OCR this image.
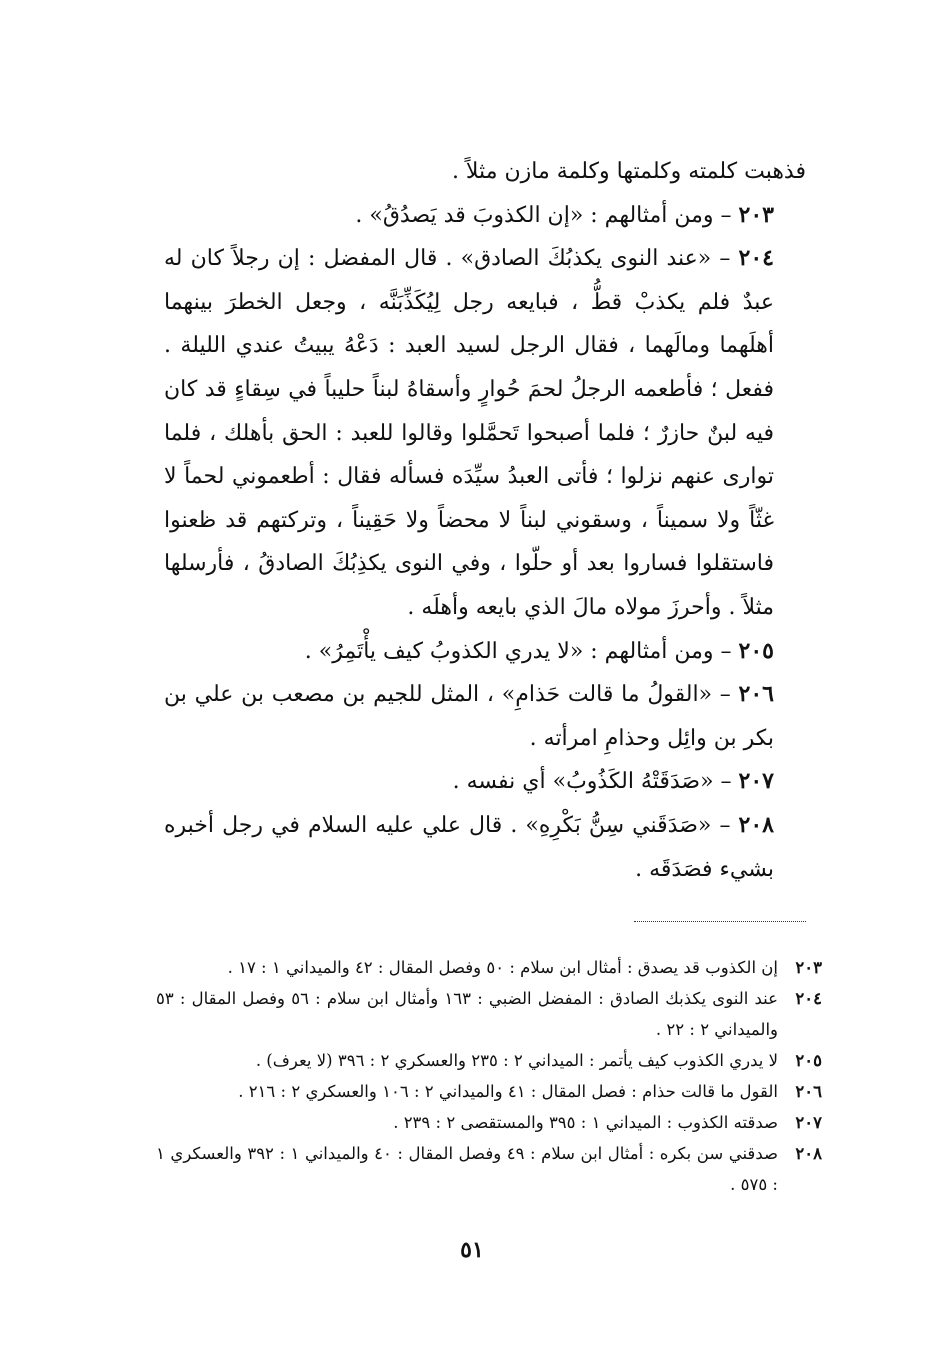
فذهبت كلمته وكلمتها وكلمة مازن مثلاً .

٢٠٣ – ومن أمثالهم : «إن الكذوبَ قد يَصدُقُ» .

٢٠٤ – «عند النوى يكذبُكَ الصادق» . قال المفضل : إن رجلاً كان له عبدٌ فلم يكذبْ قطُّ ، فبايعه رجل لِيُكَذِّبَنَّه ، وجعل الخطرَ بينهما أهلَهما ومالَهما ، فقال الرجل لسيد العبد : دَعْهُ يبيتُ عندي الليلة . ففعل ؛ فأطعمه الرجلُ لحمَ حُوارٍ وأسقاهُ لبناً حليباً في سِقاءٍ قد كان فيه لبنٌ حازرٌ ؛ فلما أصبحوا تَحمَّلوا وقالوا للعبد : الحق بأهلك ، فلما توارى عنهم نزلوا ؛ فأتى العبدُ سيِّدَه فسأله فقال : أطعموني لحماً لا غثّاً ولا سميناً ، وسقوني لبناً لا محضاً ولا حَقِيناً ، وتركتهم قد ظعنوا فاستقلوا فساروا بعد أو حلّوا ، وفي النوى يكذِبُكَ الصادقُ ، فأرسلها مثلاً . وأحرزَ مولاه مالَ الذي بايعه وأهلَه .

٢٠٥ – ومن أمثالهم : «لا يدري الكذوبُ كيف يأْتَمِرُ» .

٢٠٦ – «القولُ ما قالت حَذامِ» ، المثل للجيم بن مصعب بن علي بن بكر بن وائِل وحذامِ امرأته .

٢٠٧ – «صَدَقَتْهُ الكَذُوبُ» أي نفسه .

٢٠٨ – «صَدَقَني سِنُّ بَكْرِهِ» . قال علي عليه السلام في رجل أخبره بشيء فصَدَقَه .

٢٠٣
إن الكذوب قد يصدق : أمثال ابن سلام : ٥٠ وفصل المقال : ٤٢ والميداني ١ : ١٧ .
٢٠٤
عند النوى يكذبك الصادق : المفضل الضبي : ١٦٣ وأمثال ابن سلام : ٥٦ وفصل المقال : ٥٣ والميداني ٢ : ٢٢ .
٢٠٥
لا يدري الكذوب كيف يأتمر : الميداني ٢ : ٢٣٥ والعسكري ٢ : ٣٩٦ (لا يعرف) .
٢٠٦
القول ما قالت حذام : فصل المقال : ٤١ والميداني ٢ : ١٠٦ والعسكري ٢ : ٢١٦ .
٢٠٧
صدقته الكذوب : الميداني ١ : ٣٩٥ والمستقصى ٢ : ٢٣٩ .
٢٠٨
صدقني سن بكره : أمثال ابن سلام : ٤٩ وفصل المقال : ٤٠ والميداني ١ : ٣٩٢ والعسكري ١ : ٥٧٥ .
٥١
